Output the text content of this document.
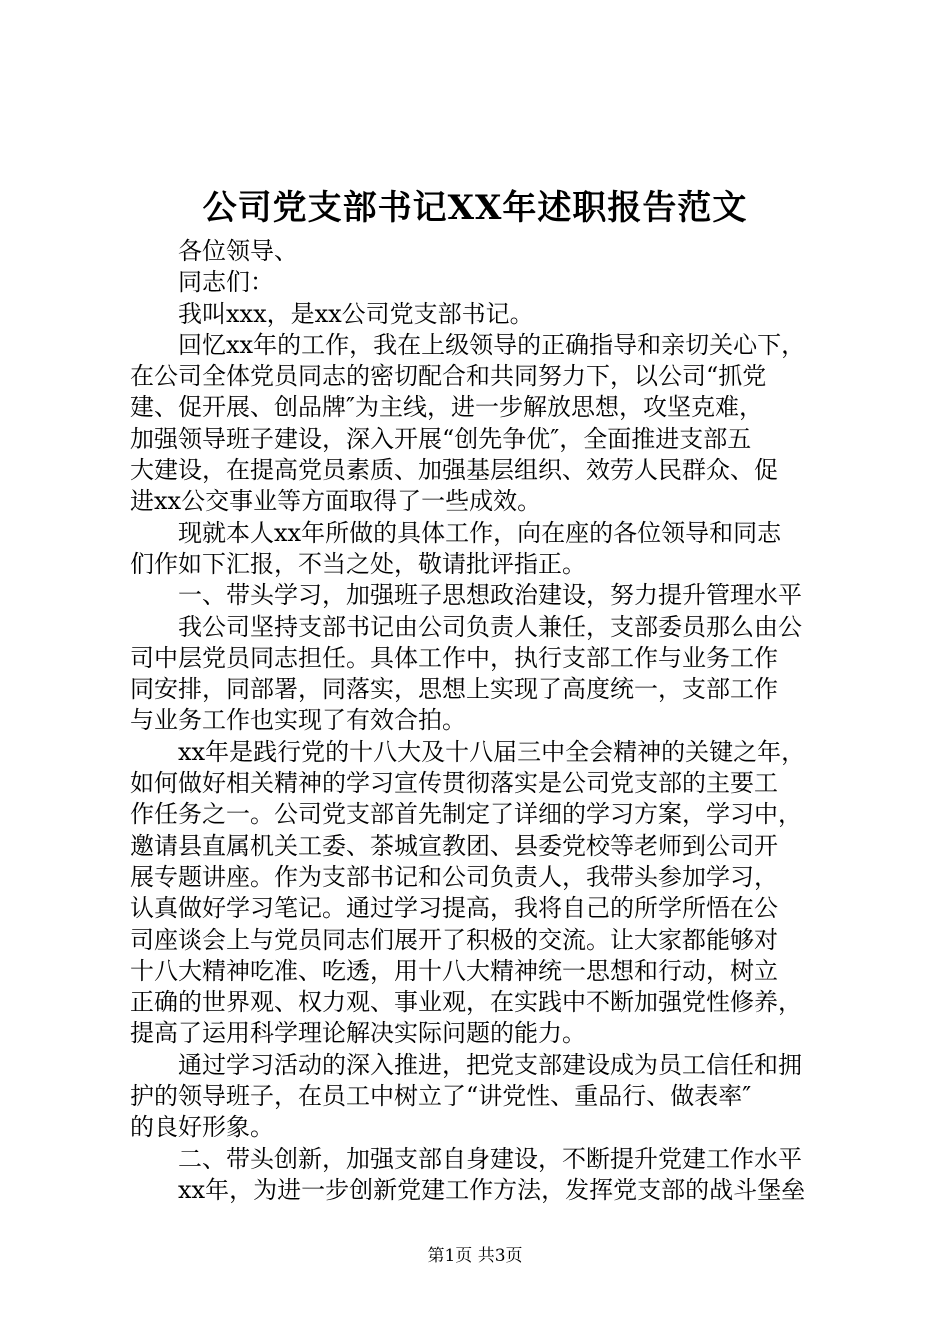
公司党支部书记XX年述职报告范文
各位领导、
同志们：
我叫xxx，是xx公司党支部书记。
回忆xx年的工作，我在上级领导的正确指导和亲切关心下，
在公司全体党员同志的密切配合和共同努力下，以公司“抓党
建、促开展、创品牌″为主线，进一步解放思想，攻坚克难，
加强领导班子建设，深入开展“创先争优″，全面推进支部五
大建设，在提高党员素质、加强基层组织、效劳人民群众、促
进xx公交事业等方面取得了一些成效。
现就本人xx年所做的具体工作，向在座的各位领导和同志
们作如下汇报，不当之处，敬请批评指正。
一、带头学习，加强班子思想政治建设，努力提升管理水平
我公司坚持支部书记由公司负责人兼任，支部委员那么由公
司中层党员同志担任。具体工作中，执行支部工作与业务工作
同安排，同部署，同落实，思想上实现了高度统一，支部工作
与业务工作也实现了有效合拍。
xx年是践行党的十八大及十八届三中全会精神的关键之年，
如何做好相关精神的学习宣传贯彻落实是公司党支部的主要工
作任务之一。公司党支部首先制定了详细的学习方案，学习中，
邀请县直属机关工委、茶城宣教团、县委党校等老师到公司开
展专题讲座。作为支部书记和公司负责人，我带头参加学习，
认真做好学习笔记。通过学习提高，我将自己的所学所悟在公
司座谈会上与党员同志们展开了积极的交流。让大家都能够对
十八大精神吃准、吃透，用十八大精神统一思想和行动，树立
正确的世界观、权力观、事业观，在实践中不断加强党性修养，
提高了运用科学理论解决实际问题的能力。
通过学习活动的深入推进，把党支部建设成为员工信任和拥
护的领导班子，在员工中树立了“讲党性、重品行、做表率″
的良好形象。
二、带头创新，加强支部自身建设，不断提升党建工作水平
xx年，为进一步创新党建工作方法，发挥党支部的战斗堡垒
第1页 共3页
